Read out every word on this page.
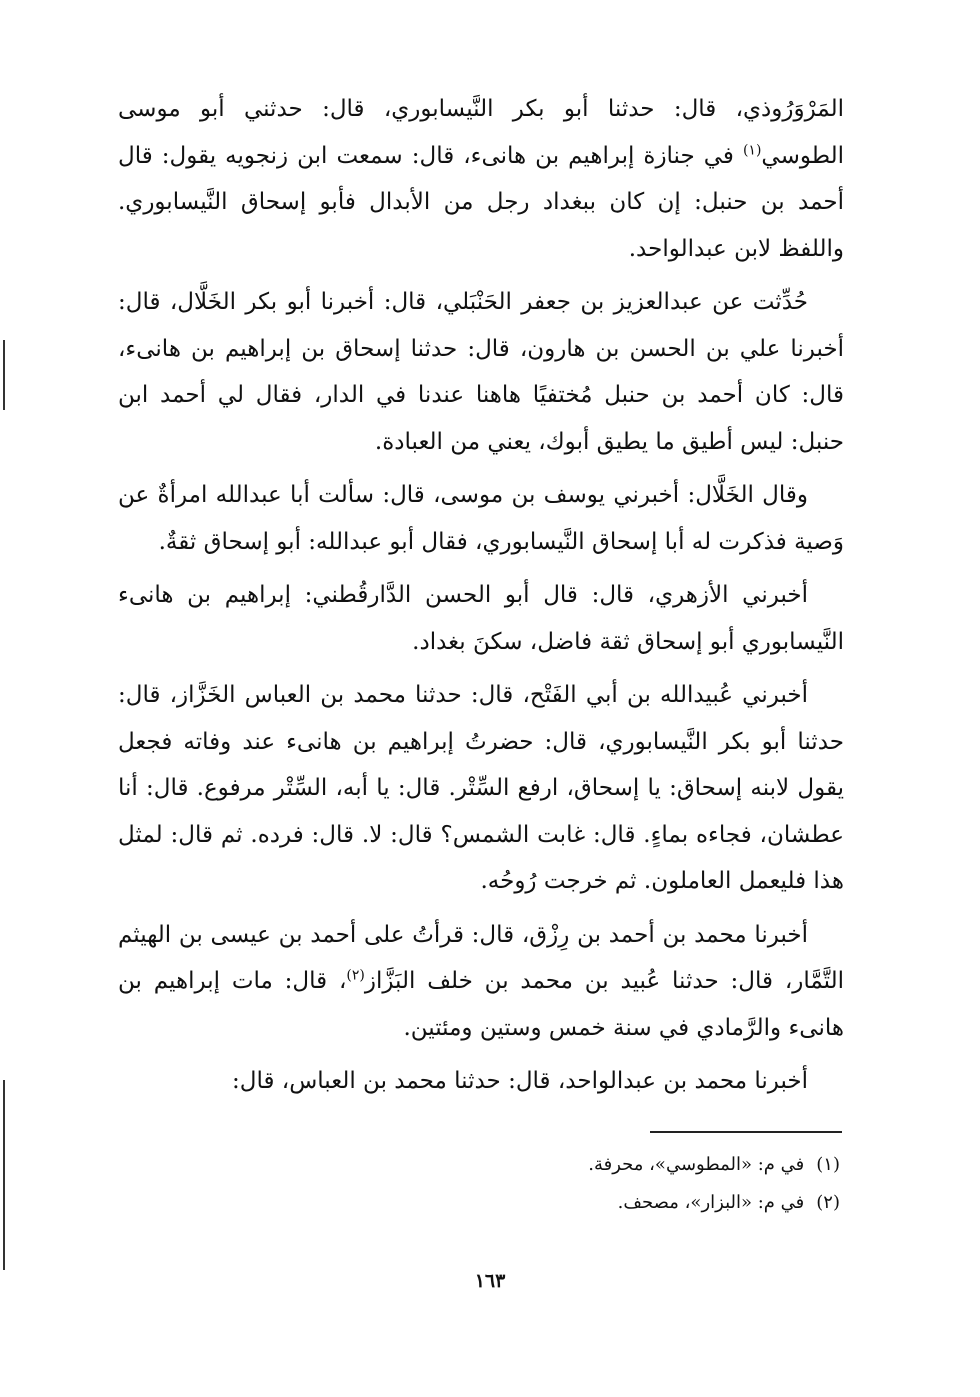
المَرْوَرُوذي، قال: حدثنا أبو بكر النَّيسابوري، قال: حدثني أبو موسى الطوسي$^{(١)}$ في جنازة إبراهيم بن هانىء، قال: سمعت ابن زنجويه يقول: قال أحمد بن حنبل: إن كان ببغداد رجل من الأبدال فأبو إسحاق النَّيسابوري. واللفظ لابن عبدالواحد.

حُدِّثت عن عبدالعزيز بن جعفر الحَنْبَلي، قال: أخبرنا أبو بكر الخَلَّال، قال: أخبرنا علي بن الحسن بن هارون، قال: حدثنا إسحاق بن إبراهيم بن هانىء، قال: كان أحمد بن حنبل مُختفيًا هاهنا عندنا في الدار، فقال لي أحمد ابن حنبل: ليس أطيق ما يطيق أبوك، يعني من العبادة.

وقال الخَلَّال: أخبرني يوسف بن موسى، قال: سألت أبا عبدالله امرأةٌ عن وَصية فذكرت له أبا إسحاق النَّيسابوري، فقال أبو عبدالله: أبو إسحاق ثقةٌ.

أخبرني الأزهري، قال: قال أبو الحسن الدَّارقُطني: إبراهيم بن هانىء النَّيسابوري أبو إسحاق ثقة فاضل، سكنَ بغداد.

أخبرني عُبيدالله بن أبي الفَتْح، قال: حدثنا محمد بن العباس الخَزَّاز، قال: حدثنا أبو بكر النَّيسابوري، قال: حضرتُ إبراهيم بن هانىء عند وفاته فجعل يقول لابنه إسحاق: يا إسحاق، ارفع السِّتْر. قال: يا أبه، السِّتْر مرفوع. قال: أنا عطشان، فجاءه بماءٍ. قال: غابت الشمس؟ قال: لا. قال: فرده. ثم قال: لمثل هذا فليعمل العاملون. ثم خرجت رُوحُه.

أخبرنا محمد بن أحمد بن رِزْق، قال: قرأتُ على أحمد بن عيسى بن الهيثم التَّمَّار، قال: حدثنا عُبيد بن محمد بن خلف البَزَّاز$^{(٢)}$، قال: مات إبراهيم بن هانىء والرَّمادي في سنة خمس وستين ومئتين.

أخبرنا محمد بن عبدالواحد، قال: حدثنا محمد بن العباس، قال:

(١)في م: «المطوسي»، محرفة.
(٢)في م: «البزار»، مصحف.
١٦٣
